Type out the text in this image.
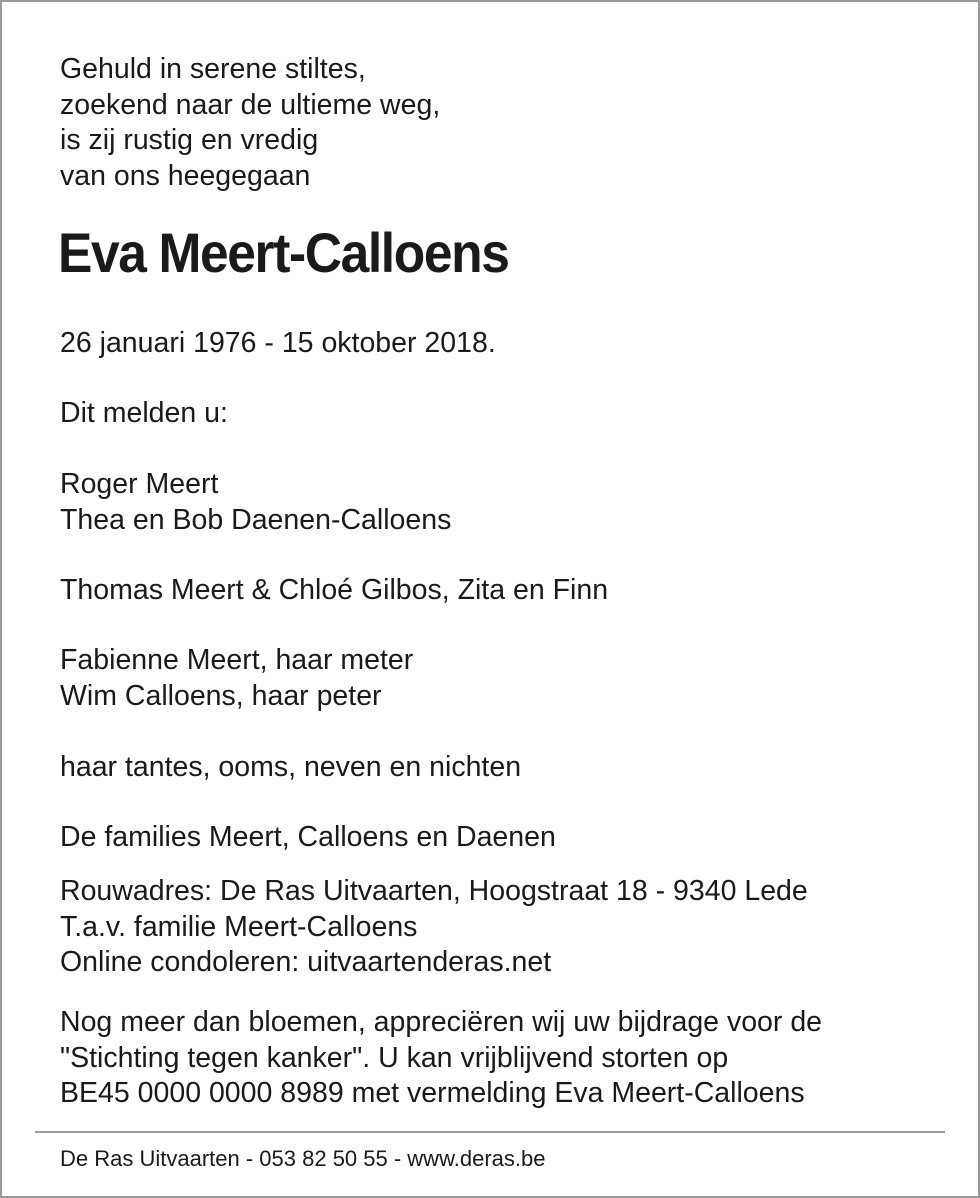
Gehuld in serene stiltes,
zoekend naar de ultieme weg,
is zij rustig en vredig
van ons heegegaan
Eva Meert-Calloens
26 januari 1976 - 15 oktober 2018.
Dit melden u:
Roger Meert
Thea en Bob Daenen-Calloens
Thomas Meert & Chloé Gilbos, Zita en Finn
Fabienne Meert, haar meter
Wim Calloens, haar peter
haar tantes, ooms, neven en nichten
De families Meert, Calloens en Daenen
Rouwadres: De Ras Uitvaarten, Hoogstraat 18 - 9340 Lede
T.a.v. familie Meert-Calloens
Online condoleren: uitvaartenderas.net
Nog meer dan bloemen, appreciëren wij uw bijdrage voor de
"Stichting tegen kanker". U kan vrijblijvend storten op
BE45 0000 0000 8989 met vermelding Eva Meert-Calloens
De Ras Uitvaarten - 053 82 50 55 - www.deras.be
